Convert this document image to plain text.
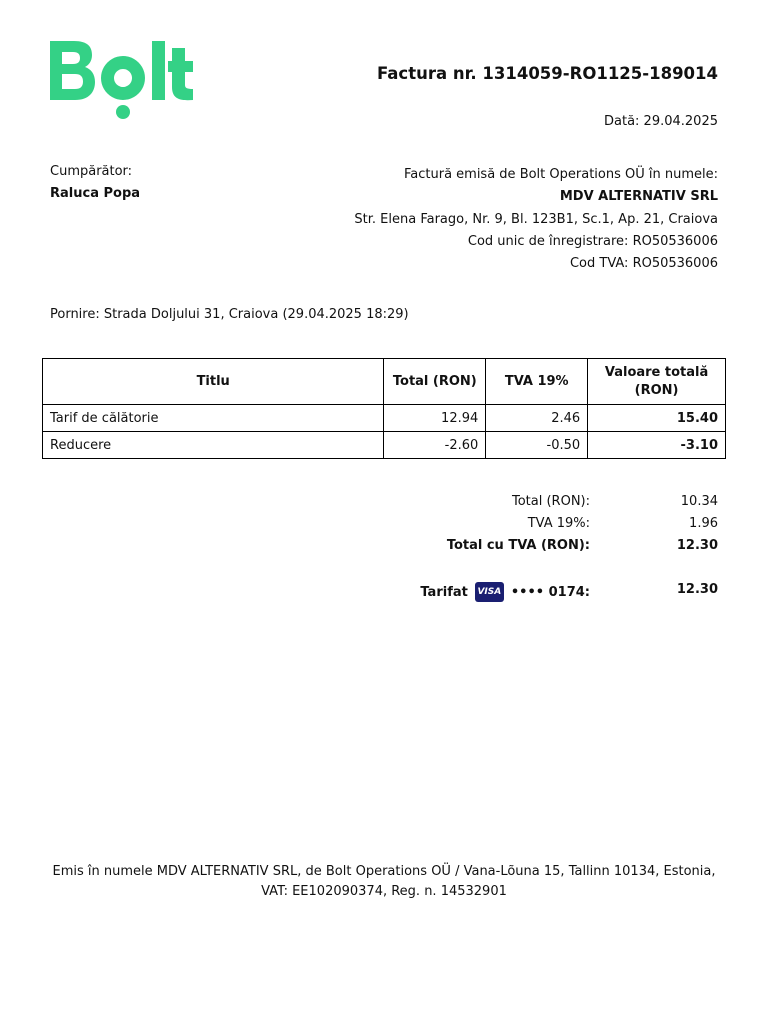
Factura nr. 1314059-RO1125-189014
Dată: 29.04.2025
Cumpărător:
Raluca Popa
Factură emisă de Bolt Operations OÜ în numele:
MDV ALTERNATIV SRL
Str. Elena Farago, Nr. 9, Bl. 123B1, Sc.1, Ap. 21, Craiova
Cod unic de înregistrare: RO50536006
Cod TVA: RO50536006
Pornire: Strada Doljului 31, Craiova (29.04.2025 18:29)
Titlu	Total (RON)	TVA 19%	Valoare totală (RON)
Tarif de călătorie	12.94	2.46	15.40
Reducere	-2.60	-0.50	-3.10
Total (RON):	10.34
TVA 19%:	1.96
Total cu TVA (RON):	12.30
Tarifat VISA •••• 0174:	12.30
Emis în numele MDV ALTERNATIV SRL, de Bolt Operations OÜ / Vana-Lõuna 15, Tallinn 10134, Estonia,
VAT: EE102090374, Reg. n. 14532901
